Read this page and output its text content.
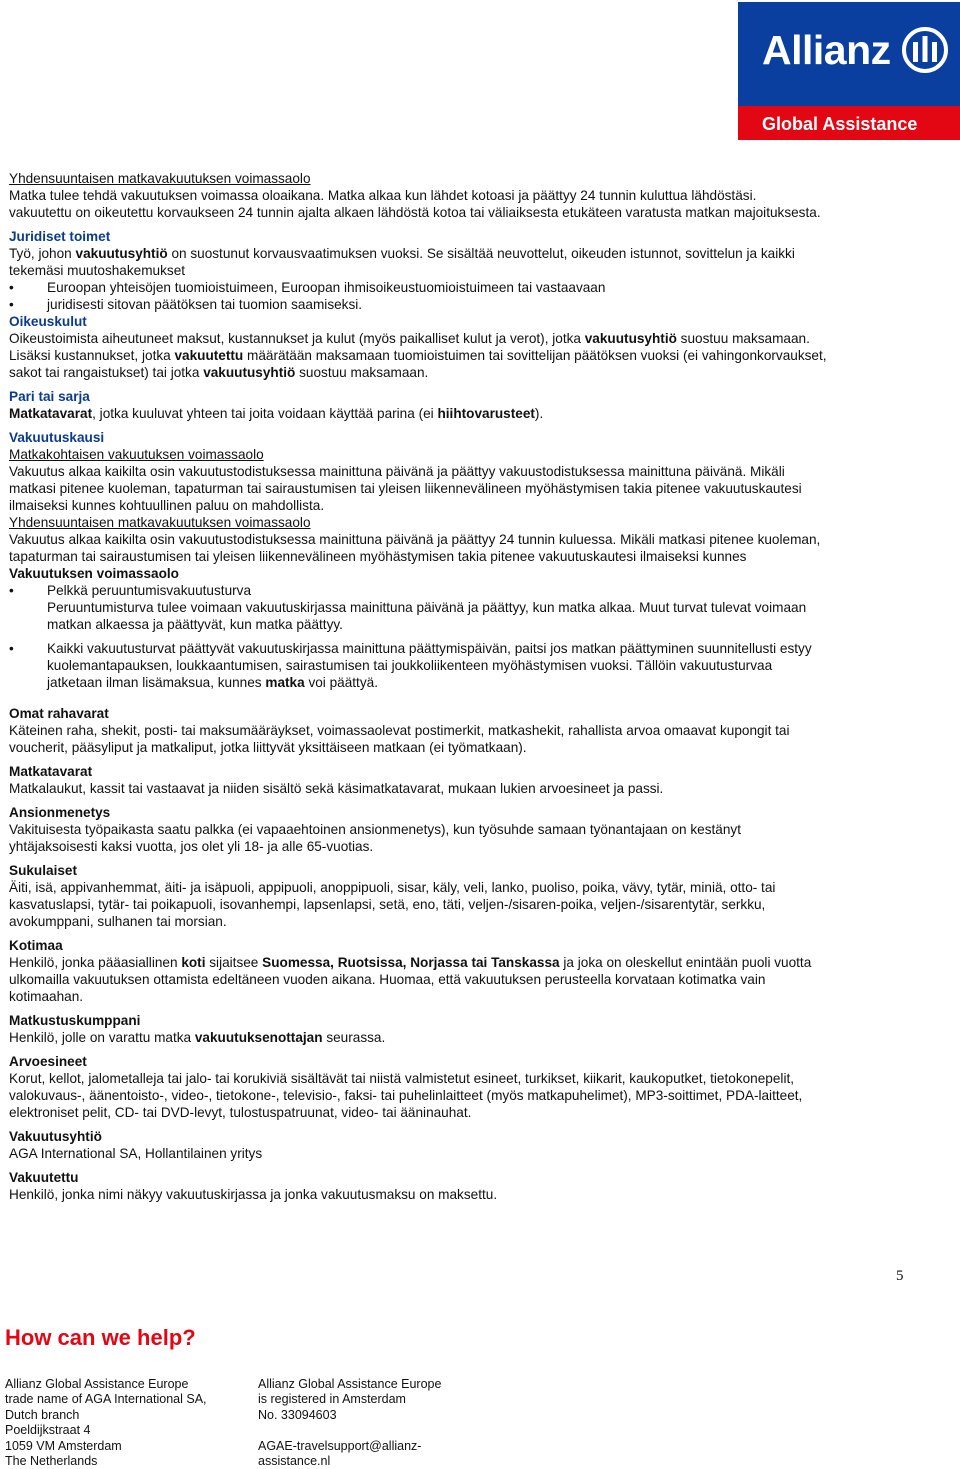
Allianz
Global Assistance
Yhdensuuntaisen matkavakuutuksen voimassaolo
Matka tulee tehdä vakuutuksen voimassa oloaikana. Matka alkaa kun lähdet kotoasi ja päättyy 24 tunnin kuluttua lähdöstäsi.
vakuutettu on oikeutettu korvaukseen 24 tunnin ajalta alkaen lähdöstä kotoa tai väliaiksesta etukäteen varatusta matkan majoituksesta.
Juridiset toimet
Työ, johon vakuutusyhtiö on suostunut korvausvaatimuksen vuoksi. Se sisältää neuvottelut, oikeuden istunnot, sovittelun ja kaikki
tekemäsi muutoshakemukset
• Euroopan yhteisöjen tuomioistuimeen, Euroopan ihmisoikeustuomioistuimeen tai vastaavaan
• juridisesti sitovan päätöksen tai tuomion saamiseksi.
Oikeuskulut
Oikeustoimista aiheutuneet maksut, kustannukset ja kulut (myös paikalliset kulut ja verot), jotka vakuutusyhtiö suostuu maksamaan.
Lisäksi kustannukset, jotka vakuutettu määrätään maksamaan tuomioistuimen tai sovittelijan päätöksen vuoksi (ei vahingonkorvaukset,
sakot tai rangaistukset) tai jotka vakuutusyhtiö suostuu maksamaan.
Pari tai sarja
Matkatavarat, jotka kuuluvat yhteen tai joita voidaan käyttää parina (ei hiihtovarusteet).
Vakuutuskausi
Matkakohtaisen vakuutuksen voimassaolo
Vakuutus alkaa kaikilta osin vakuutustodistuksessa mainittuna päivänä ja päättyy vakuustodistuksessa mainittuna päivänä. Mikäli
matkasi pitenee kuoleman, tapaturman tai sairaustumisen tai yleisen liikennevälineen myöhästymisen takia pitenee vakuutuskautesi
ilmaiseksi kunnes kohtuullinen paluu on mahdollista.
Yhdensuuntaisen matkavakuutuksen voimassaolo
Vakuutus alkaa kaikilta osin vakuutustodistuksessa mainittuna päivänä ja päättyy 24 tunnin kuluessa. Mikäli matkasi pitenee kuoleman,
tapaturman tai sairaustumisen tai yleisen liikennevälineen myöhästymisen takia pitenee vakuutuskautesi ilmaiseksi kunnes
Vakuutuksen voimassaolo
• Pelkkä peruuntumisvakuutusturva
Peruuntumisturva tulee voimaan vakuutuskirjassa mainittuna päivänä ja päättyy, kun matka alkaa. Muut turvat tulevat voimaan
matkan alkaessa ja päättyvät, kun matka päättyy.
• Kaikki vakuutusturvat päättyvät vakuutuskirjassa mainittuna päättymispäivän, paitsi jos matkan päättyminen suunnitellusti estyy
kuolemantapauksen, loukkaantumisen, sairastumisen tai joukkoliikenteen myöhästymisen vuoksi. Tällöin vakuutusturvaa
jatketaan ilman lisämaksua, kunnes matka voi päättyä.
Omat rahavarat
Käteinen raha, shekit, posti- tai maksumääräykset, voimassaolevat postimerkit, matkashekit, rahallista arvoa omaavat kupongit tai
voucherit, pääsyliput ja matkaliput, jotka liittyvät yksittäiseen matkaan (ei työmatkaan).
Matkatavarat
Matkalaukut, kassit tai vastaavat ja niiden sisältö sekä käsimatkatavarat, mukaan lukien arvoesineet ja passi.
Ansionmenetys
Vakituisesta työpaikasta saatu palkka (ei vapaaehtoinen ansionmenetys), kun työsuhde samaan työnantajaan on kestänyt
yhtäjaksoisesti kaksi vuotta, jos olet yli 18- ja alle 65-vuotias.
Sukulaiset
Äiti, isä, appivanhemmat, äiti- ja isäpuoli, appipuoli, anoppipuoli, sisar, käly, veli, lanko, puoliso, poika, vävy, tytär, miniä, otto- tai
kasvatuslapsi, tytär- tai poikapuoli, isovanhempi, lapsenlapsi, setä, eno, täti, veljen-/sisaren-poika, veljen-/sisarentytär, serkku,
avokumppani, sulhanen tai morsian.
Kotimaa
Henkilö, jonka pääasiallinen koti sijaitsee Suomessa, Ruotsissa, Norjassa tai Tanskassa ja joka on oleskellut enintään puoli vuotta
ulkomailla vakuutuksen ottamista edeltäneen vuoden aikana. Huomaa, että vakuutuksen perusteella korvataan kotimatka vain
kotimaahan.
Matkustuskumppani
Henkilö, jolle on varattu matka vakuutuksenottajan seurassa.
Arvoesineet
Korut, kellot, jalometalleja tai jalo- tai korukiviä sisältävät tai niistä valmistetut esineet, turkikset, kiikarit, kaukoputket, tietokonepelit,
valokuvaus-, äänentoisto-, video-, tietokone-, televisio-, faksi- tai puhelinlaitteet (myös matkapuhelimet), MP3-soittimet, PDA-laitteet,
elektroniset pelit, CD- tai DVD-levyt, tulostuspatruunat, video- tai ääninauhat.
Vakuutusyhtiö
AGA International SA, Hollantilainen yritys
Vakuutettu
Henkilö, jonka nimi näkyy vakuutuskirjassa ja jonka vakuutusmaksu on maksettu.
5
How can we help?
Allianz Global Assistance Europe
trade name of AGA International SA,
Dutch branch
Poeldijkstraat 4
1059 VM Amsterdam
The Netherlands
Allianz Global Assistance Europe
is registered in Amsterdam
No. 33094603

AGAE-travelsupport@allianz-
assistance.nl
